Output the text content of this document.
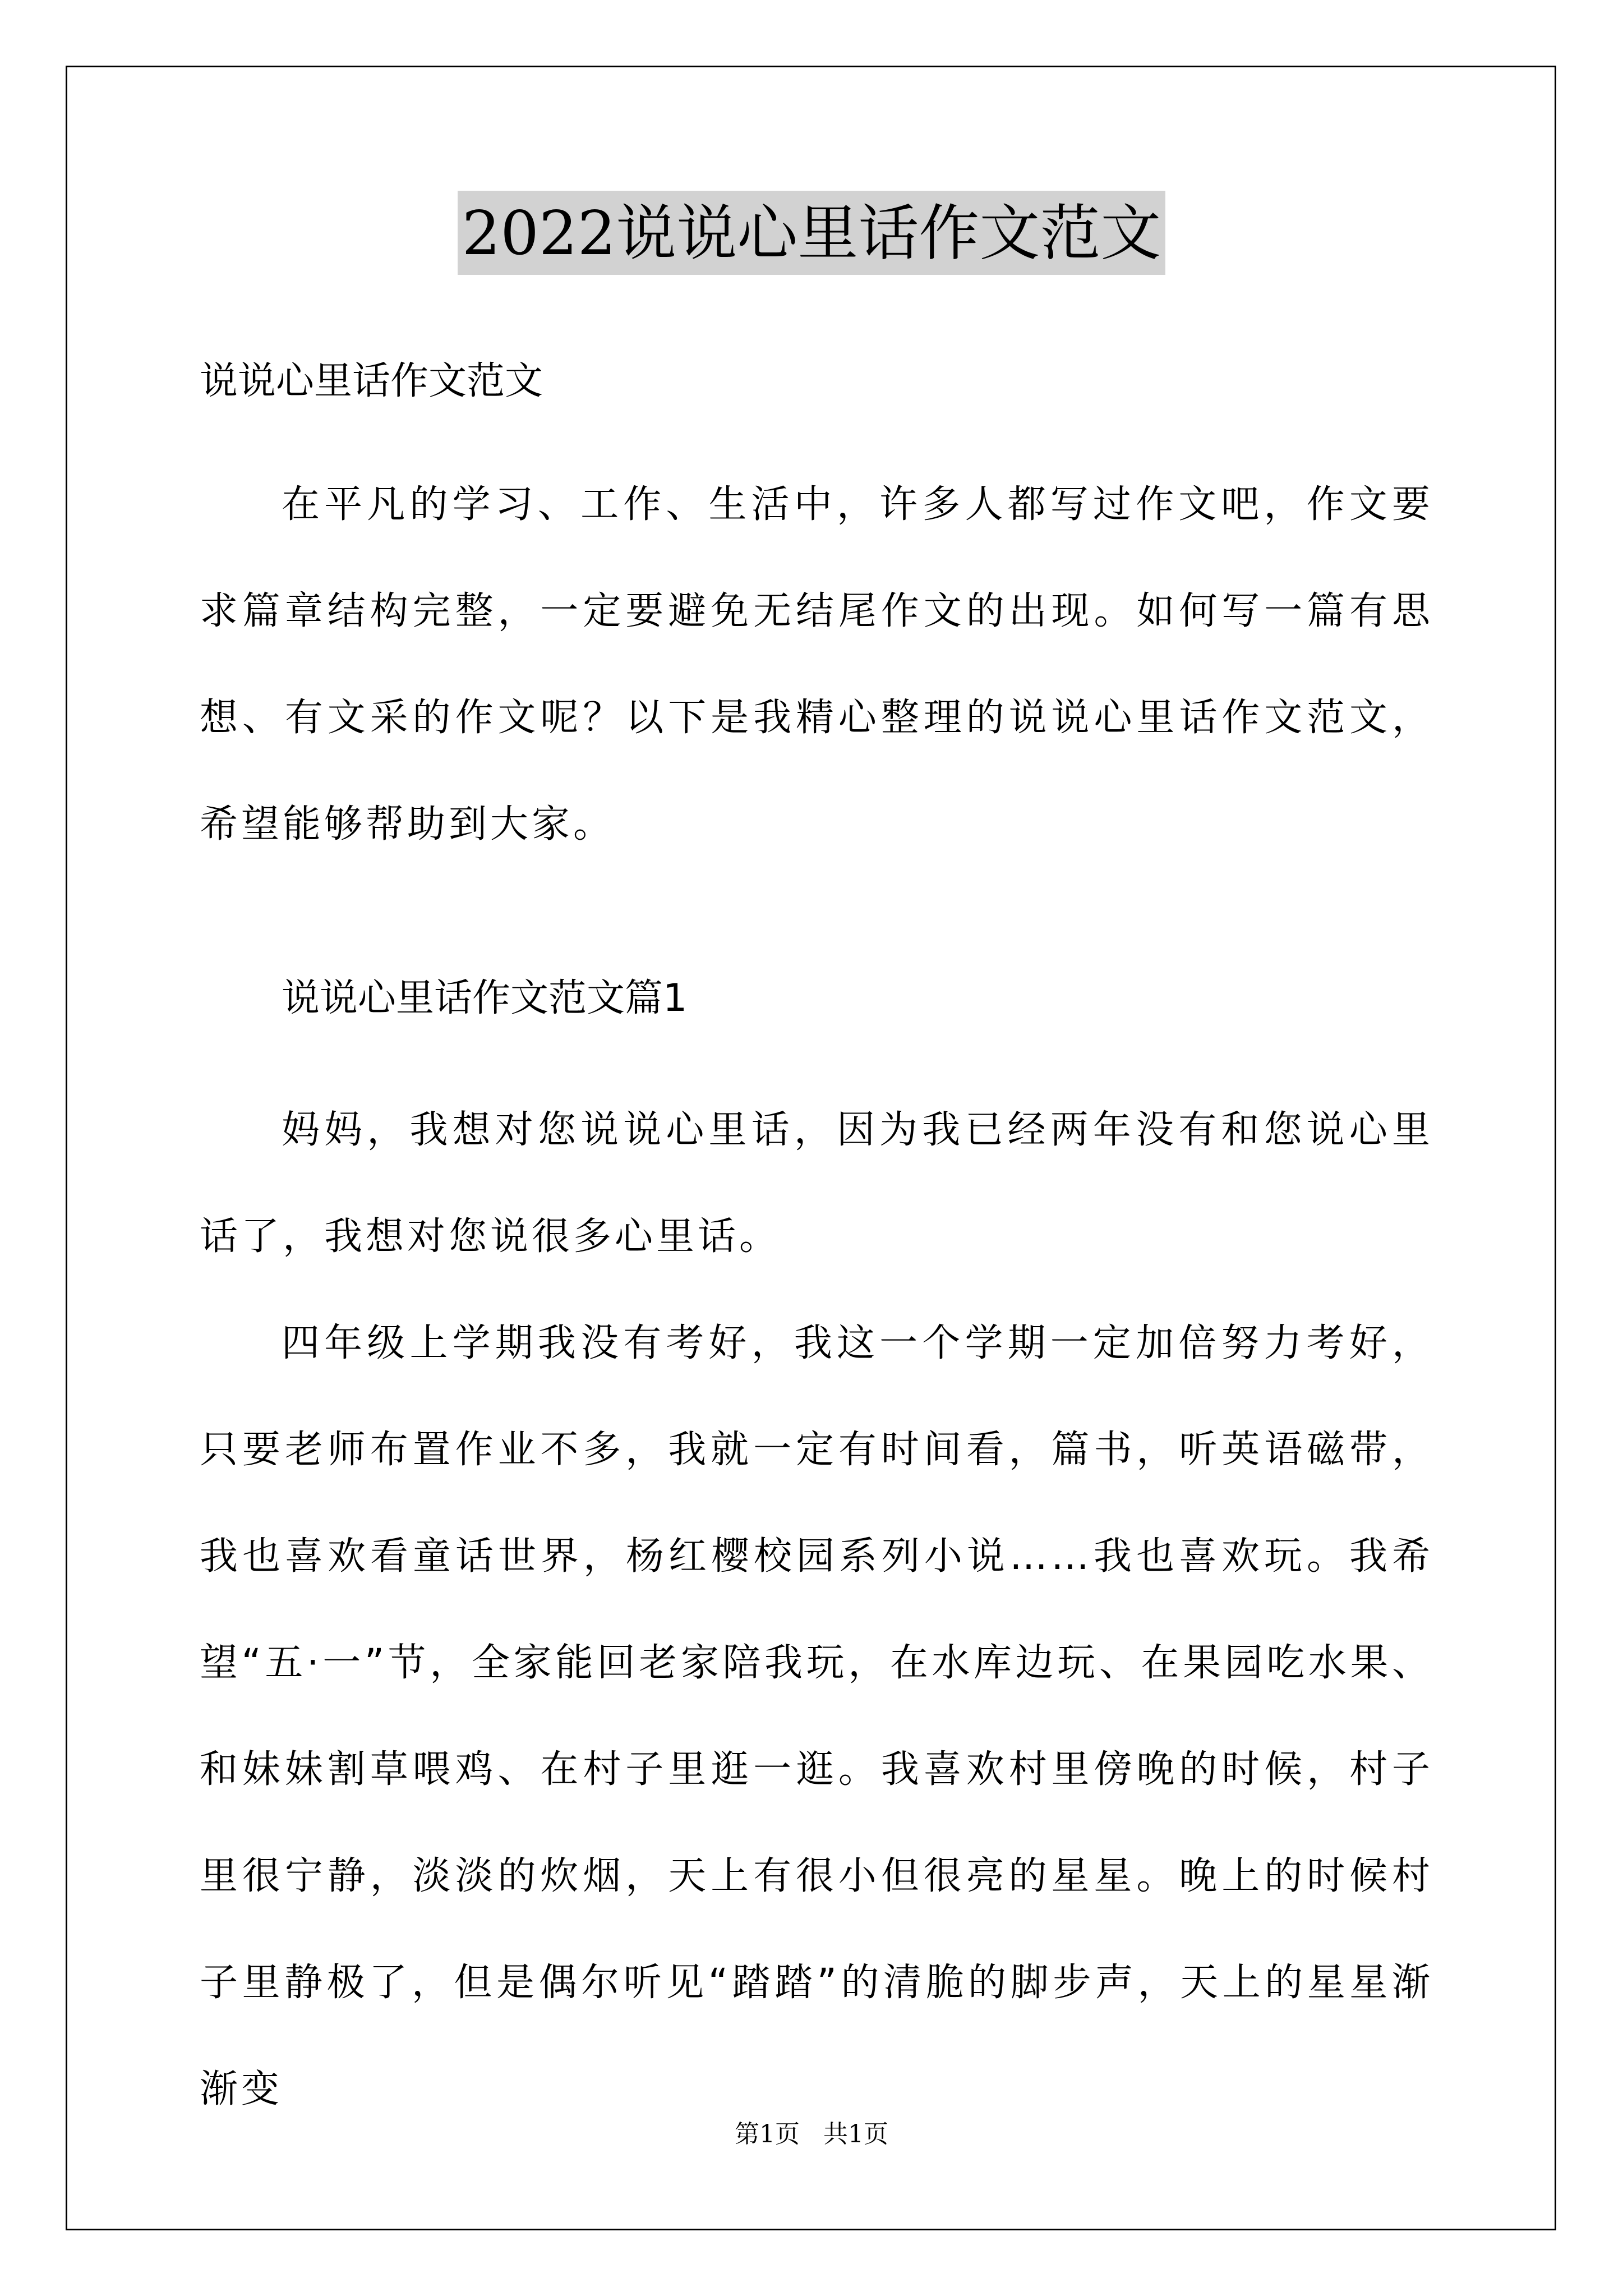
2022说说心里话作文范文
说说心里话作文范文

在平凡的学习、工作、生活中，许多人都写过作文吧，作文要求篇章结构完整，一定要避免无结尾作文的出现。如何写一篇有思想、有文采的作文呢？以下是我精心整理的说说心里话作文范文，希望能够帮助到大家。

说说心里话作文范文篇1

妈妈，我想对您说说心里话，因为我已经两年没有和您说心里话了，我想对您说很多心里话。

四年级上学期我没有考好，我这一个学期一定加倍努力考好，只要老师布置作业不多，我就一定有时间看，篇书，听英语磁带，我也喜欢看童话世界，杨红樱校园系列小说……我也喜欢玩。我希望“五·一”节，全家能回老家陪我玩，在水库边玩、在果园吃水果、和妹妹割草喂鸡、在村子里逛一逛。我喜欢村里傍晚的时候，村子里很宁静，淡淡的炊烟，天上有很小但很亮的星星。晚上的时候村子里静极了，但是偶尔听见“踏踏”的清脆的脚步声，天上的星星渐渐变

第1页   共1页
